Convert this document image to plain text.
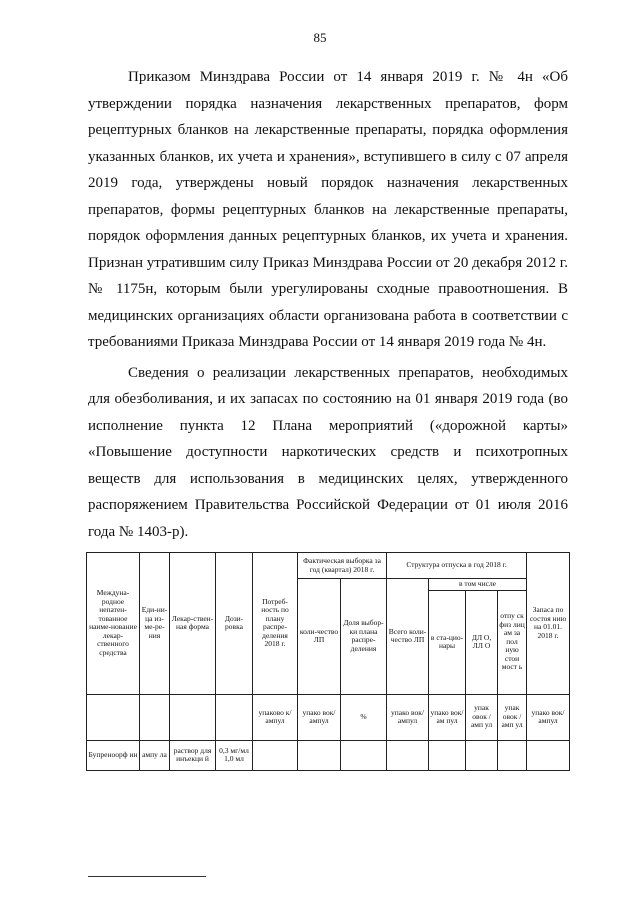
85

Приказом Минздрава России от 14 января 2019 г. № 4н «Об утверждении порядка назначения лекарственных препаратов, форм рецептурных бланков на лекарственные препараты, порядка оформления указанных бланков, их учета и хранения», вступившего в силу с 07 апреля 2019 года, утверждены новый порядок назначения лекарственных препаратов, формы рецептурных бланков на лекарственные препараты, порядок оформления данных рецептурных бланков, их учета и хранения. Признан утратившим силу Приказ Минздрава России от 20 декабря 2012 г. № 1175н, которым были урегулированы сходные правоотношения. В медицинских организациях области организована работа в соответствии с требованиями Приказа Минздрава России от 14 января 2019 года № 4н.

Сведения о реализации лекарственных препаратов, необходимых для обезболивания, и их запасах по состоянию на 01 января 2019 года (во исполнение пункта 12 Плана мероприятий («дорожной карты» «Повышение доступности наркотических средств и психотропных веществ для использования в медицинских целях, утвержденного распоряжением Правительства Российской Федерации от 01 июля 2016 года № 1403-р).

Междуна-родное непатен-тованное наиме-нование лекар-ственного средства	Еди-ни-ца из-ме-ре-ния	Лекар-ствен-ная форма	Дози-ровка	Потреб-ность по плану распре-деления 2018 г.	Фактическая выборка за год (квартал) 2018 г.		Структура отпуска в год 2018 г.				Запаса по состоя нию на 01.01. 2018 г.
					коли-чество ЛП	Доля выбор-ки плана распре-деления	Всего коли-чество ЛП	в том числе			
								в ста-цио-нары	ДЛ О, ЛЛ О	отпу ск физ лиц ам за пол ную стои мост ь	
				упаково к/ ампул	упако вок/ ампул	%	упако вок/ ампул	упако вок/ам пул	упак овок /амп ул	упак овок / амп ул	упако вок/ ампул
Бупреноорф ин	ампу ла	раствор для инъекци й	0,3 мг/мл 1,0 мл								
